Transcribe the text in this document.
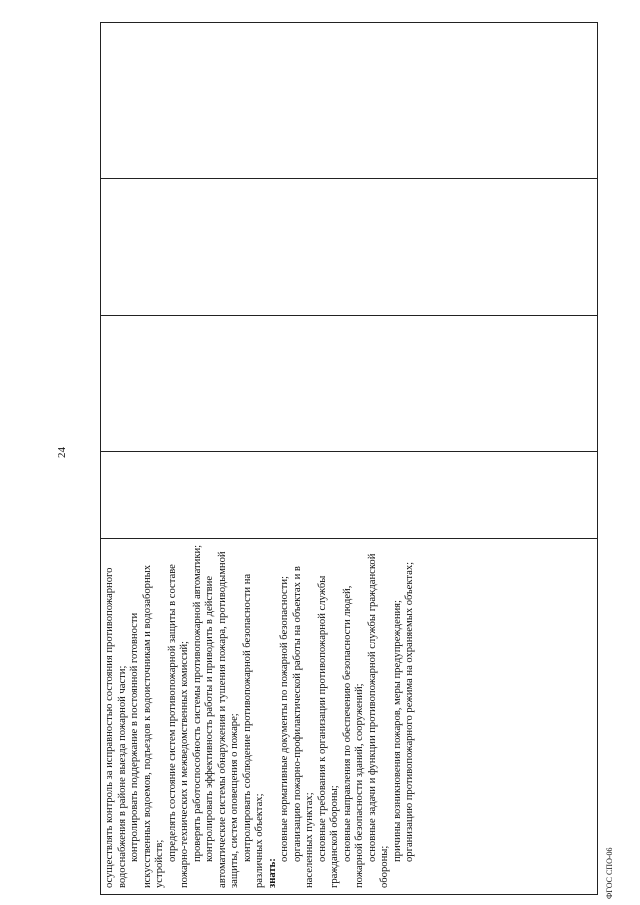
24
ФГОС СПО-06

осуществлять контроль за исправностью состояния противопожарного водоснабжения в районе выезда пожарной части; контролировать поддержание в постоянной готовности искусственных водоемов, подъездов к водоисточникам и водозаборных устройств;

определять состояние систем противопожарной защиты в составе пожарно-технических и межведомственных комиссий; проверять работоспособность системы противопожарной автоматики; контролировать эффективность работы и приводить в действие автоматические системы обнаружения и тушения пожара, противодымной защиты, систем оповещения о пожаре; контролировать соблюдение противопожарной безопасности на различных объектах; знать:

основные нормативные документы по пожарной безопасности; организацию пожарно-профилактической работы на объектах и в населенных пунктах; основные требования к организации противопожарной службы гражданской обороны; основные направления по обеспечению безопасности людей, пожарной безопасности зданий, сооружений; основные задачи и функции противопожарной службы гражданской обороны;

причины возникновения пожаров, меры предупреждения; организацию противопожарного режима на охраняемых объектах;
